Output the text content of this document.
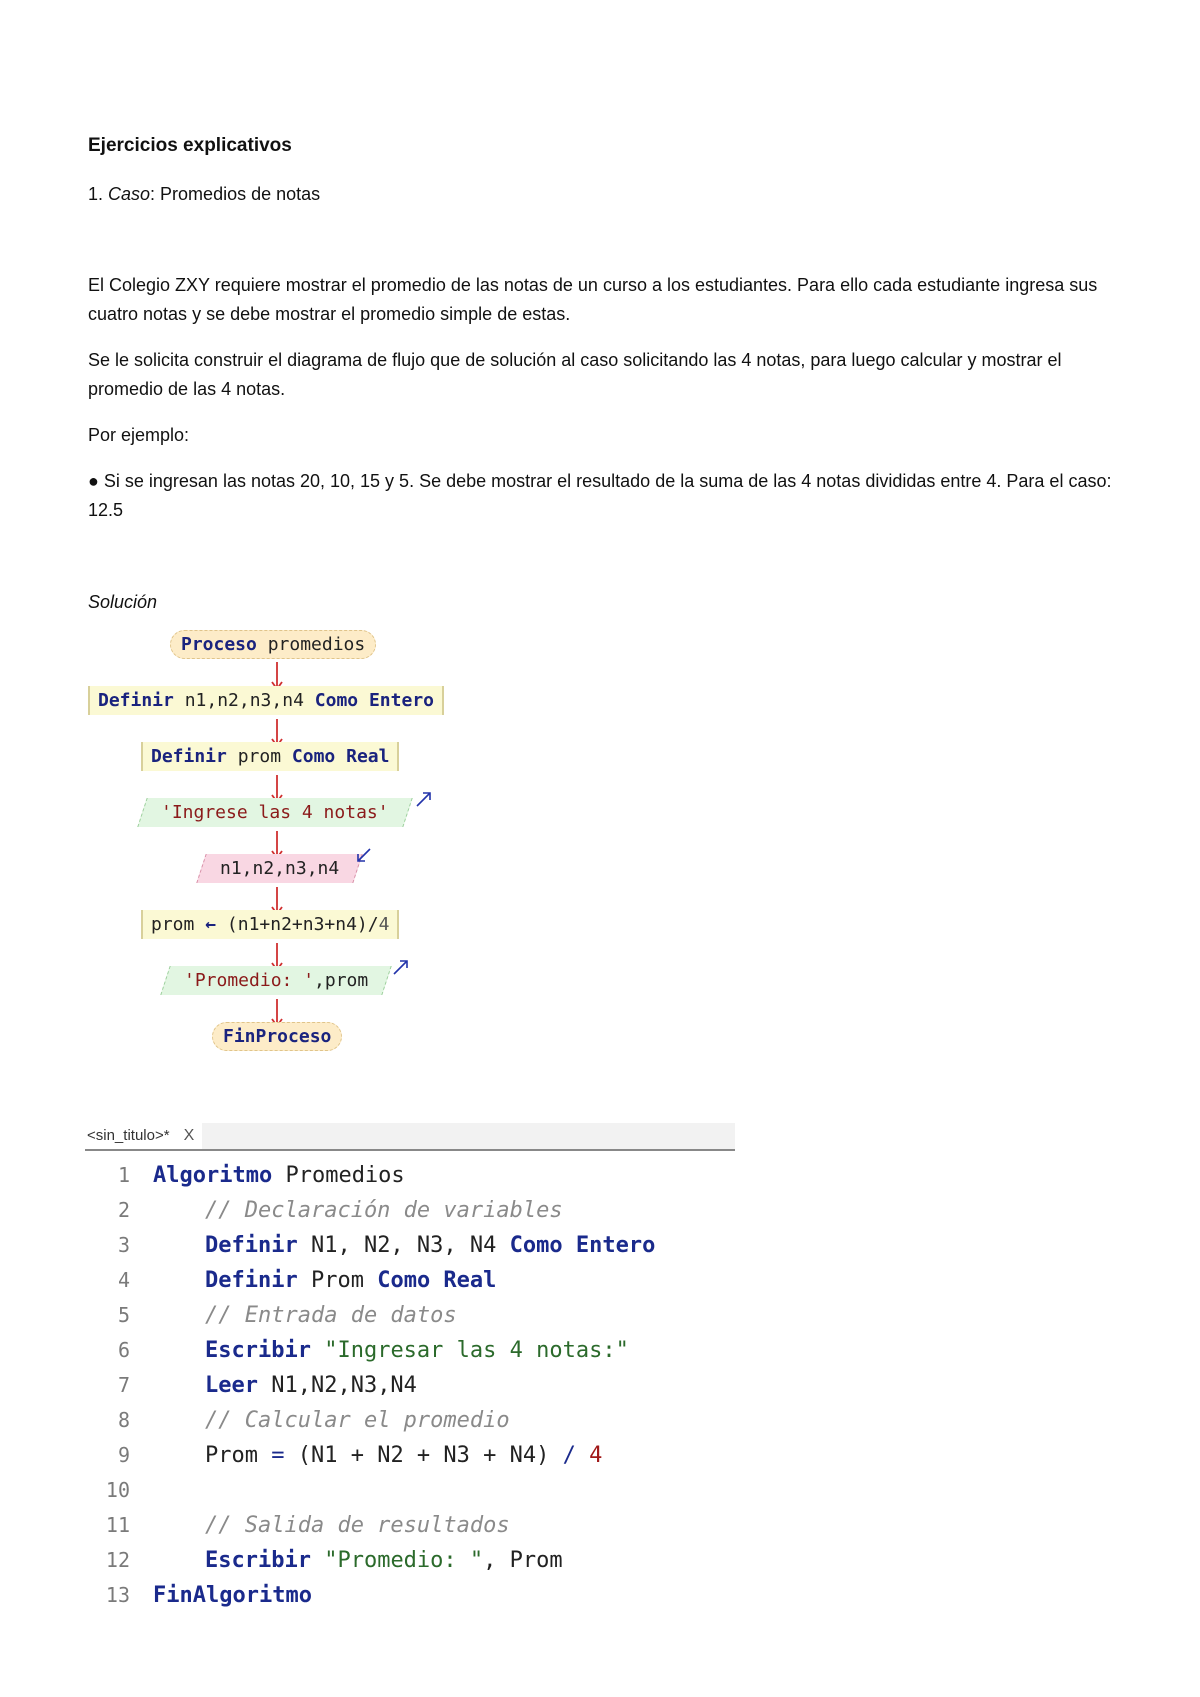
Ejercicios explicativos
1. Caso: Promedios de notas
El Colegio ZXY requiere mostrar el promedio de las notas de un curso a los estudiantes. Para ello cada estudiante ingresa sus cuatro notas y se debe mostrar el promedio simple de estas.
Se le solicita construir el diagrama de flujo que de solución al caso solicitando las 4 notas, para luego calcular y mostrar el promedio de las 4 notas.
Por ejemplo:
● Si se ingresan las notas 20, 10, 15 y 5. Se debe mostrar el resultado de la suma de las 4 notas divididas entre 4. Para el caso: 12.5
Solución
Proceso promedios
Definir n1,n2,n3,n4 Como Entero
Definir prom Como Real
'Ingrese las 4 notas'
n1,n2,n3,n4
prom ← (n1+n2+n3+n4)/4
'Promedio: ',prom
FinProceso
<sin_titulo>* X
1 Algoritmo Promedios
2	// Declaración de variables
3	Definir N1, N2, N3, N4 Como Entero
4	Definir Prom Como Real
5	// Entrada de datos
6	Escribir "Ingresar las 4 notas:"
7	Leer N1,N2,N3,N4
8	// Calcular el promedio
9	Prom = (N1 + N2 + N3 + N4) / 4
10
11	// Salida de resultados
12	Escribir "Promedio: ", Prom
13 FinAlgoritmo
